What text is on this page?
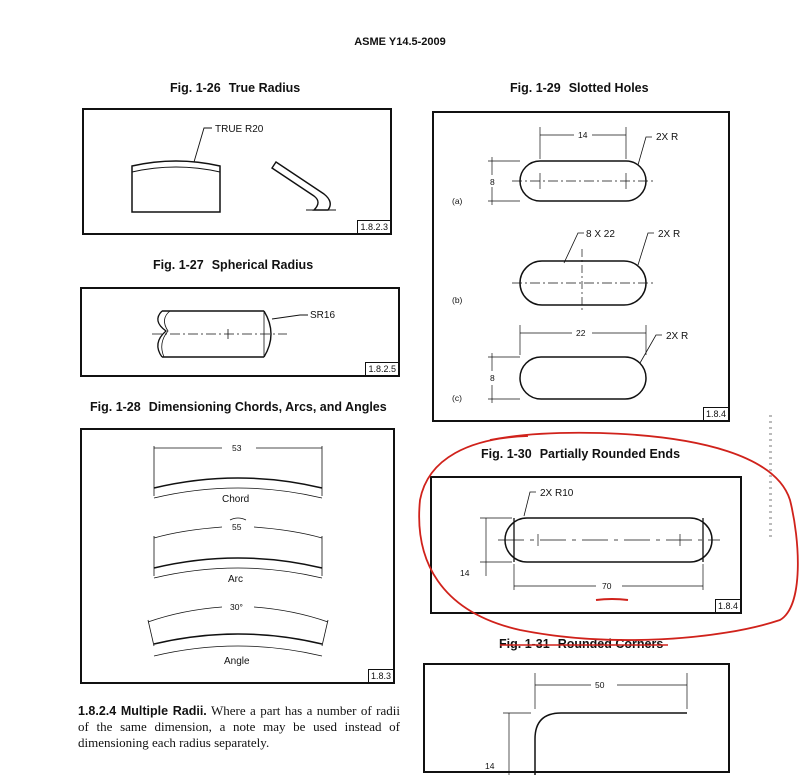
ASME Y14.5-2009
Fig. 1-26 True Radius
TRUE R20
1.8.2.3
Fig. 1-27 Spherical Radius
SR16
1.8.2.5
Fig. 1-28 Dimensioning Chords, Arcs, and Angles
53
Chord
55
Arc
30°
Angle
1.8.3
1.8.2.4 Multiple Radii. Where a part has a number of radii of the same dimension, a note may be used instead of dimensioning each radius separately.
Fig. 1-29 Slotted Holes
14
8
2X R
(a)
8 X 22	2X R
(b)
22
8
2X R
(c)
1.8.4
Fig. 1-30 Partially Rounded Ends
14
70
2X R10
1.8.4
Fig. 1-31 Rounded Corners
50
14
